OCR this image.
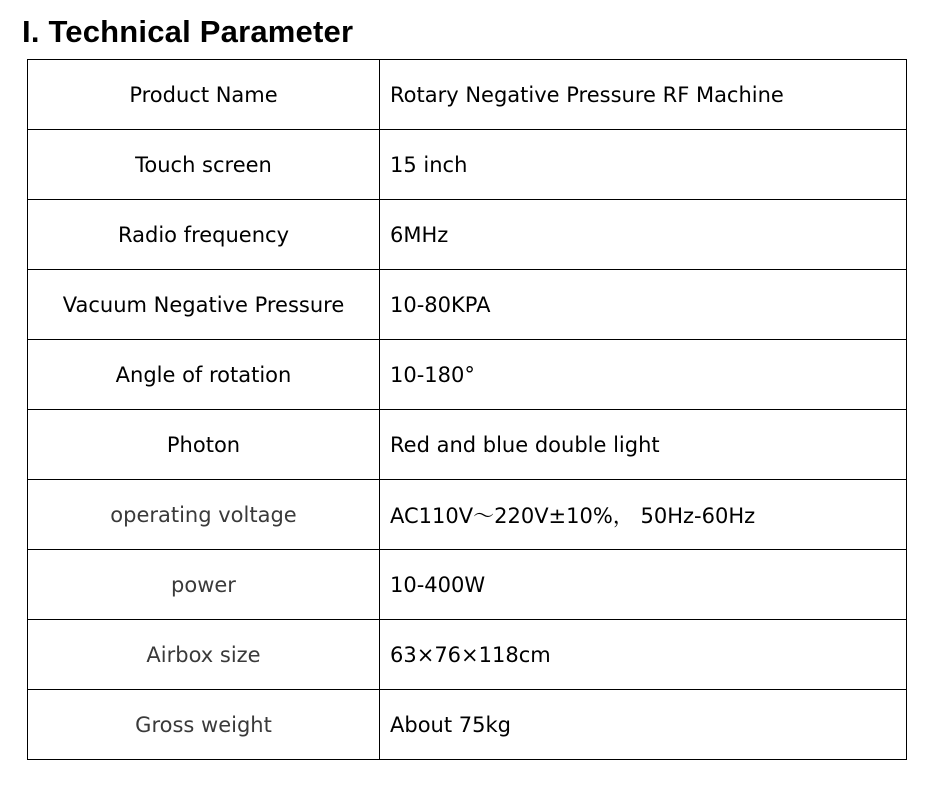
I. Technical Parameter
Product Name	Rotary Negative Pressure RF Machine
Touch screen	15 inch
Radio frequency	6MHz
Vacuum Negative Pressure	10-80KPA
Angle of rotation	10-180°
Photon	Red and blue double light
operating voltage	AC110V～220V±10%， 50Hz-60Hz
power	10-400W
Airbox size	63×76×118cm
Gross weight	About 75kg
